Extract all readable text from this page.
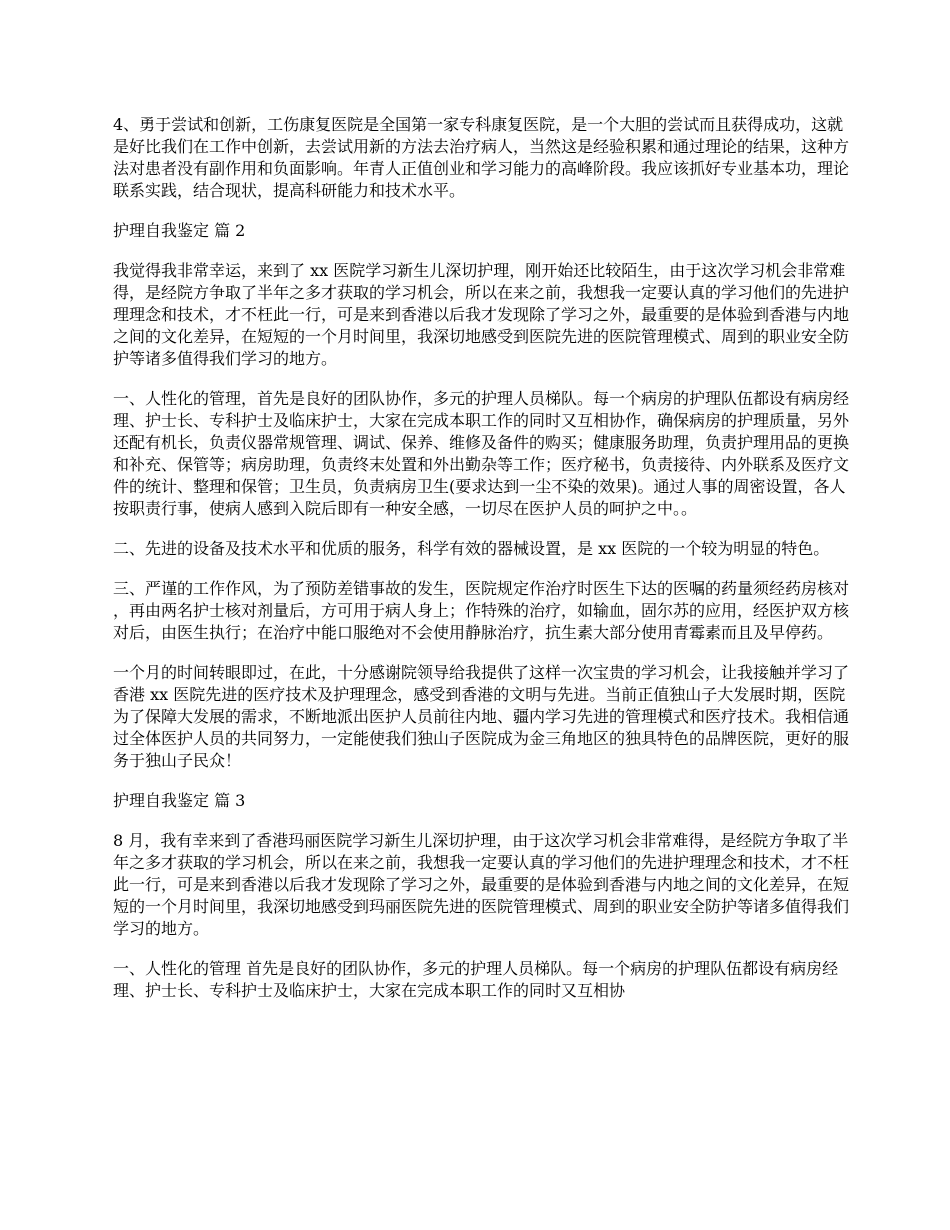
4、勇于尝试和创新，工伤康复医院是全国第一家专科康复医院，是一个大胆的尝试而且获得成功，这就是好比我们在工作中创新，去尝试用新的方法去治疗病人，当然这是经验积累和通过理论的结果，这种方法对患者没有副作用和负面影响。年青人正值创业和学习能力的高峰阶段。我应该抓好专业基本功，理论联系实践，结合现状，提高科研能力和技术水平。

护理自我鉴定 篇 2

我觉得我非常幸运，来到了 xx 医院学习新生儿深切护理，刚开始还比较陌生，由于这次学习机会非常难得，是经院方争取了半年之多才获取的学习机会，所以在来之前，我想我一定要认真的学习他们的先进护理理念和技术，才不枉此一行，可是来到香港以后我才发现除了学习之外，最重要的是体验到香港与内地之间的文化差异，在短短的一个月时间里，我深切地感受到医院先进的医院管理模式、周到的职业安全防护等诸多值得我们学习的地方。

一、人性化的管理，首先是良好的团队协作，多元的护理人员梯队。每一个病房的护理队伍都设有病房经理、护士长、专科护士及临床护士，大家在完成本职工作的同时又互相协作，确保病房的护理质量，另外还配有机长，负责仪器常规管理、调试、保养、维修及备件的购买；健康服务助理，负责护理用品的更换和补充、保管等；病房助理，负责终末处置和外出勤杂等工作；医疗秘书，负责接待、内外联系及医疗文件的统计、整理和保管；卫生员，负责病房卫生(要求达到一尘不染的效果)。通过人事的周密设置，各人按职责行事，使病人感到入院后即有一种安全感，一切尽在医护人员的呵护之中。。

二、先进的设备及技术水平和优质的服务，科学有效的器械设置，是 xx 医院的一个较为明显的特色。

三、严谨的工作作风，为了预防差错事故的发生，医院规定作治疗时医生下达的医嘱的药量须经药房核对，再由两名护士核对剂量后，方可用于病人身上；作特殊的治疗，如输血，固尔苏的应用，经医护双方核对后，由医生执行；在治疗中能口服绝对不会使用静脉治疗，抗生素大部分使用青霉素而且及早停药。

一个月的时间转眼即过，在此，十分感谢院领导给我提供了这样一次宝贵的学习机会，让我接触并学习了香港 xx 医院先进的医疗技术及护理理念，感受到香港的文明与先进。当前正值独山子大发展时期，医院为了保障大发展的需求，不断地派出医护人员前往内地、疆内学习先进的管理模式和医疗技术。我相信通过全体医护人员的共同努力，一定能使我们独山子医院成为金三角地区的独具特色的品牌医院，更好的服务于独山子民众！

护理自我鉴定 篇 3

8 月，我有幸来到了香港玛丽医院学习新生儿深切护理，由于这次学习机会非常难得，是经院方争取了半年之多才获取的学习机会，所以在来之前，我想我一定要认真的学习他们的先进护理理念和技术，才不枉此一行，可是来到香港以后我才发现除了学习之外，最重要的是体验到香港与内地之间的文化差异，在短短的一个月时间里，我深切地感受到玛丽医院先进的医院管理模式、周到的职业安全防护等诸多值得我们学习的地方。

一、人性化的管理 首先是良好的团队协作，多元的护理人员梯队。每一个病房的护理队伍都设有病房经理、护士长、专科护士及临床护士，大家在完成本职工作的同时又互相协
